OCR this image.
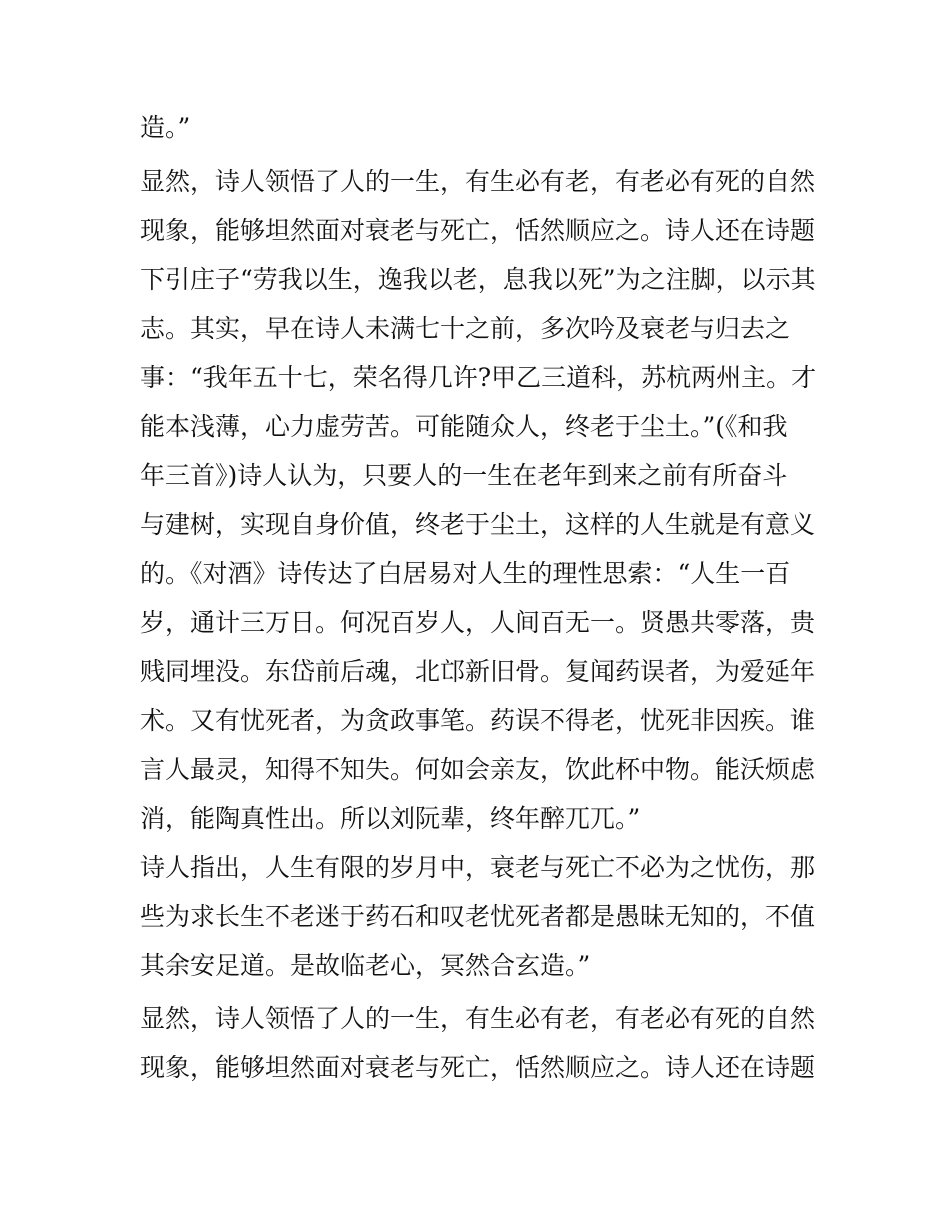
造。”
显然，诗人领悟了人的一生，有生必有老，有老必有死的自然
现象，能够坦然面对衰老与死亡，恬然顺应之。诗人还在诗题
下引庄子“劳我以生，逸我以老，息我以死”为之注脚，以示其
志。其实，早在诗人未满七十之前，多次吟及衰老与归去之
事：“我年五十七，荣名得几许?甲乙三道科，苏杭两州主。才
能本浅薄，心力虚劳苦。可能随众人，终老于尘土。”(《和我
年三首》)诗人认为，只要人的一生在老年到来之前有所奋斗
与建树，实现自身价值，终老于尘土，这样的人生就是有意义
的。《对酒》诗传达了白居易对人生的理性思索：“人生一百
岁，通计三万日。何况百岁人，人间百无一。贤愚共零落，贵
贱同埋没。东岱前后魂，北邙新旧骨。复闻药误者，为爱延年
术。又有忧死者，为贪政事笔。药误不得老，忧死非因疾。谁
言人最灵，知得不知失。何如会亲友，饮此杯中物。能沃烦虑
消，能陶真性出。所以刘阮辈，终年醉兀兀。”
诗人指出，人生有限的岁月中，衰老与死亡不必为之忧伤，那
些为求长生不老迷于药石和叹老忧死者都是愚昧无知的，不值
其余安足道。是故临老心，冥然合玄造。”
显然，诗人领悟了人的一生，有生必有老，有老必有死的自然
现象，能够坦然面对衰老与死亡，恬然顺应之。诗人还在诗题
